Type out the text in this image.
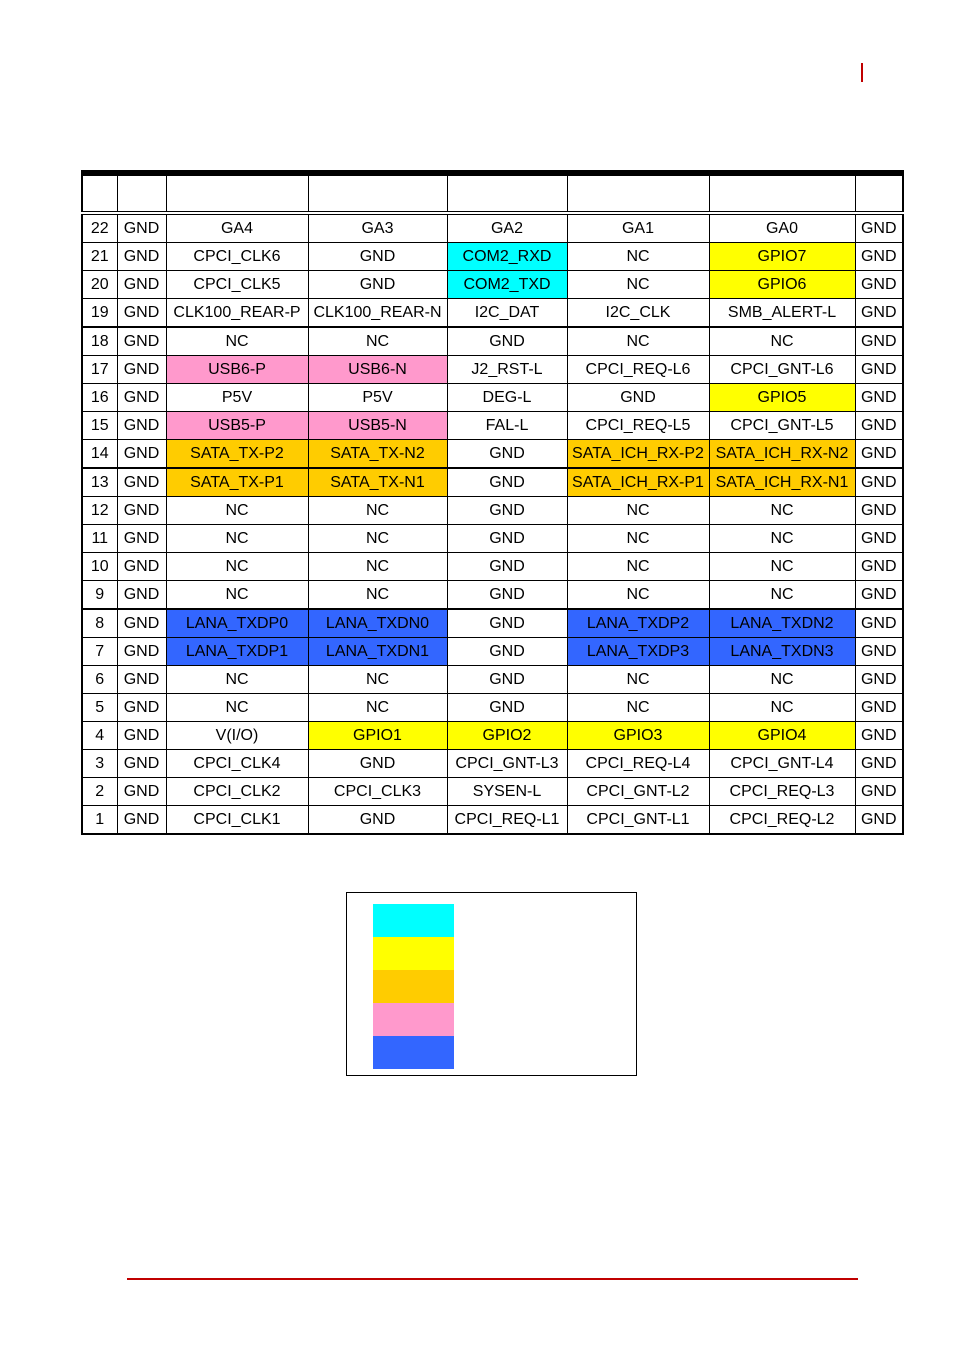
22	GND	GA4	GA3	GA2	GA1	GA0	GND
21	GND	CPCI_CLK6	GND	COM2_RXD	NC	GPIO7	GND
20	GND	CPCI_CLK5	GND	COM2_TXD	NC	GPIO6	GND
19	GND	CLK100_REAR-P	CLK100_REAR-N	I2C_DAT	I2C_CLK	SMB_ALERT-L	GND
18	GND	NC	NC	GND	NC	NC	GND
17	GND	USB6-P	USB6-N	J2_RST-L	CPCI_REQ-L6	CPCI_GNT-L6	GND
16	GND	P5V	P5V	DEG-L	GND	GPIO5	GND
15	GND	USB5-P	USB5-N	FAL-L	CPCI_REQ-L5	CPCI_GNT-L5	GND
14	GND	SATA_TX-P2	SATA_TX-N2	GND	SATA_ICH_RX-P2	SATA_ICH_RX-N2	GND
13	GND	SATA_TX-P1	SATA_TX-N1	GND	SATA_ICH_RX-P1	SATA_ICH_RX-N1	GND
12	GND	NC	NC	GND	NC	NC	GND
11	GND	NC	NC	GND	NC	NC	GND
10	GND	NC	NC	GND	NC	NC	GND
9	GND	NC	NC	GND	NC	NC	GND
8	GND	LANA_TXDP0	LANA_TXDN0	GND	LANA_TXDP2	LANA_TXDN2	GND
7	GND	LANA_TXDP1	LANA_TXDN1	GND	LANA_TXDP3	LANA_TXDN3	GND
6	GND	NC	NC	GND	NC	NC	GND
5	GND	NC	NC	GND	NC	NC	GND
4	GND	V(I/O)	GPIO1	GPIO2	GPIO3	GPIO4	GND
3	GND	CPCI_CLK4	GND	CPCI_GNT-L3	CPCI_REQ-L4	CPCI_GNT-L4	GND
2	GND	CPCI_CLK2	CPCI_CLK3	SYSEN-L	CPCI_GNT-L2	CPCI_REQ-L3	GND
1	GND	CPCI_CLK1	GND	CPCI_REQ-L1	CPCI_GNT-L1	CPCI_REQ-L2	GND
